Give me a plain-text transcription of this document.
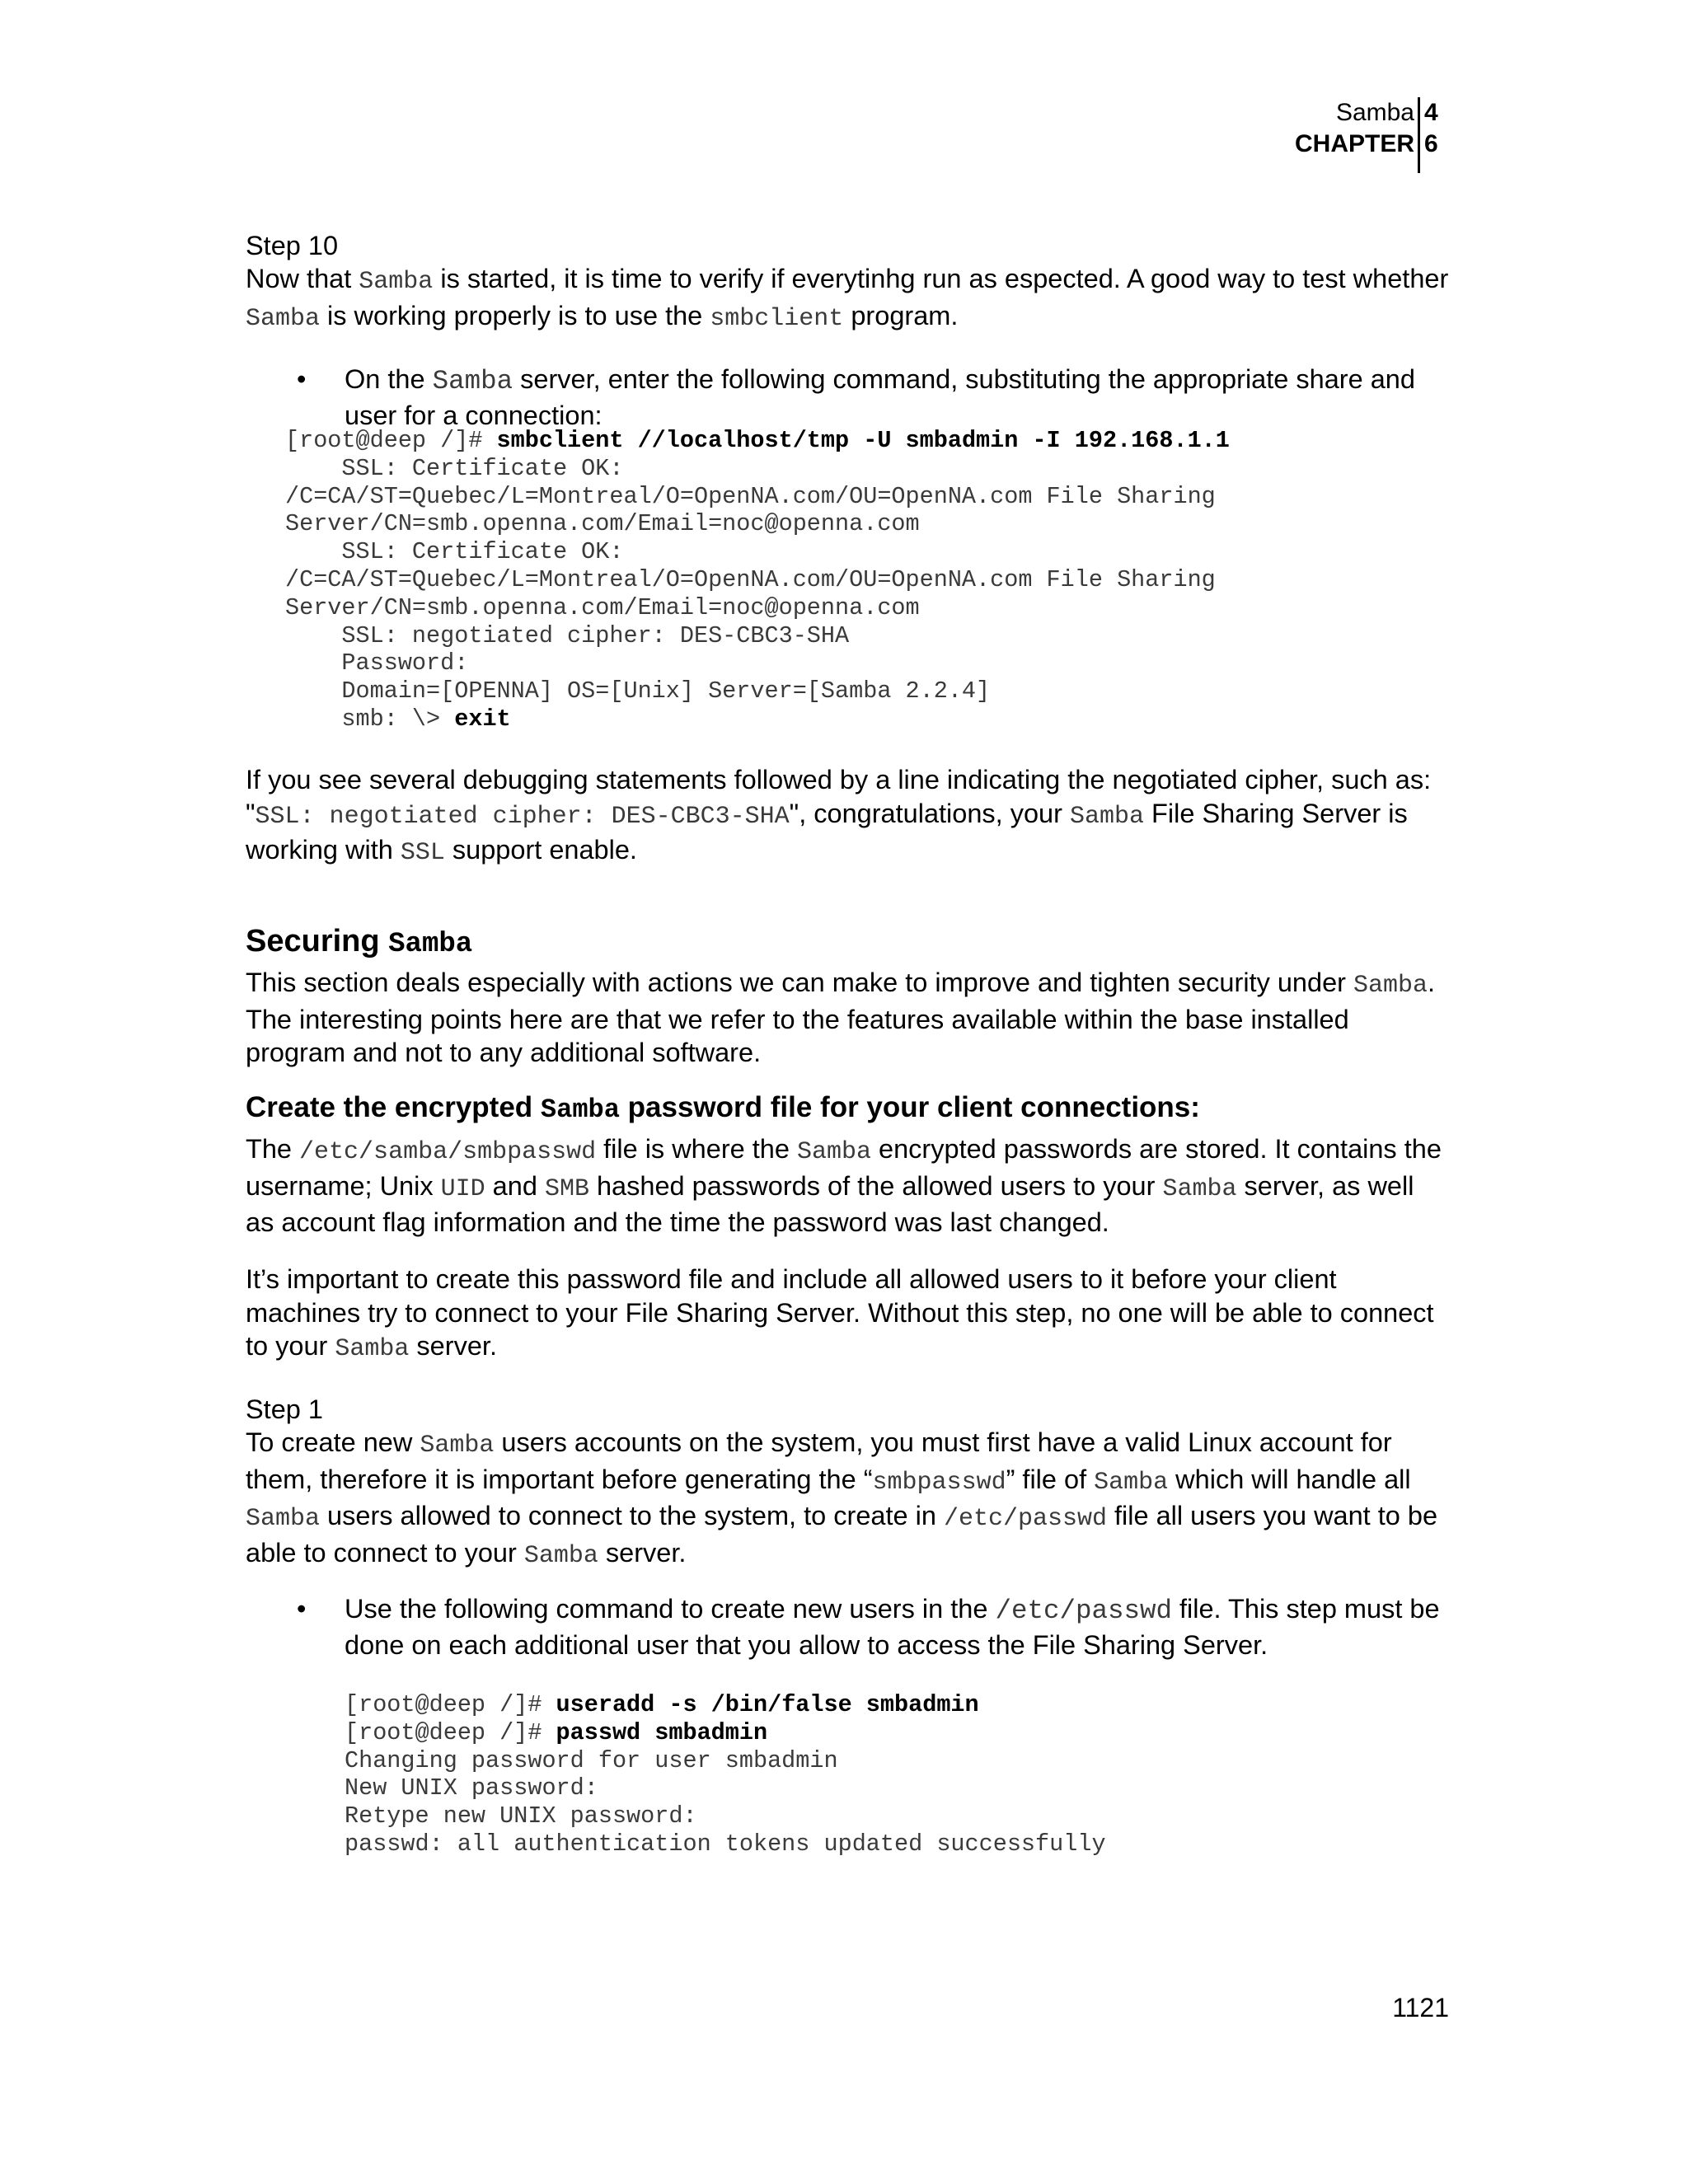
Samba
CHAPTER
4
6
Step 10
Now that Samba is started, it is time to verify if everytinhg run as espected. A good way to test whether Samba is working properly is to use the smbclient program.
• On the Samba server, enter the following command, substituting the appropriate share and user for a connection:
[root@deep /]# smbclient //localhost/tmp -U smbadmin -I 192.168.1.1
SSL: Certificate OK:
/C=CA/ST=Quebec/L=Montreal/O=OpenNA.com/OU=OpenNA.com File Sharing
Server/CN=smb.openna.com/Email=noc@openna.com
SSL: Certificate OK:
/C=CA/ST=Quebec/L=Montreal/O=OpenNA.com/OU=OpenNA.com File Sharing
Server/CN=smb.openna.com/Email=noc@openna.com
SSL: negotiated cipher: DES-CBC3-SHA
Password:
Domain=[OPENNA] OS=[Unix] Server=[Samba 2.2.4]
smb: \> exit
If you see several debugging statements followed by a line indicating the negotiated cipher, such as: "SSL: negotiated cipher: DES-CBC3-SHA", congratulations, your Samba File Sharing Server is working with SSL support enable.
Securing Samba
This section deals especially with actions we can make to improve and tighten security under Samba. The interesting points here are that we refer to the features available within the base installed program and not to any additional software.
Create the encrypted Samba password file for your client connections:
The /etc/samba/smbpasswd file is where the Samba encrypted passwords are stored. It contains the username; Unix UID and SMB hashed passwords of the allowed users to your Samba server, as well as account flag information and the time the password was last changed.
It’s important to create this password file and include all allowed users to it before your client machines try to connect to your File Sharing Server. Without this step, no one will be able to connect to your Samba server.
Step 1
To create new Samba users accounts on the system, you must first have a valid Linux account for them, therefore it is important before generating the “smbpasswd” file of Samba which will handle all Samba users allowed to connect to the system, to create in /etc/passwd file all users you want to be able to connect to your Samba server.
• Use the following command to create new users in the /etc/passwd file. This step must be done on each additional user that you allow to access the File Sharing Server.
[root@deep /]# useradd -s /bin/false smbadmin
[root@deep /]# passwd smbadmin
Changing password for user smbadmin
New UNIX password:
Retype new UNIX password:
passwd: all authentication tokens updated successfully
1121
